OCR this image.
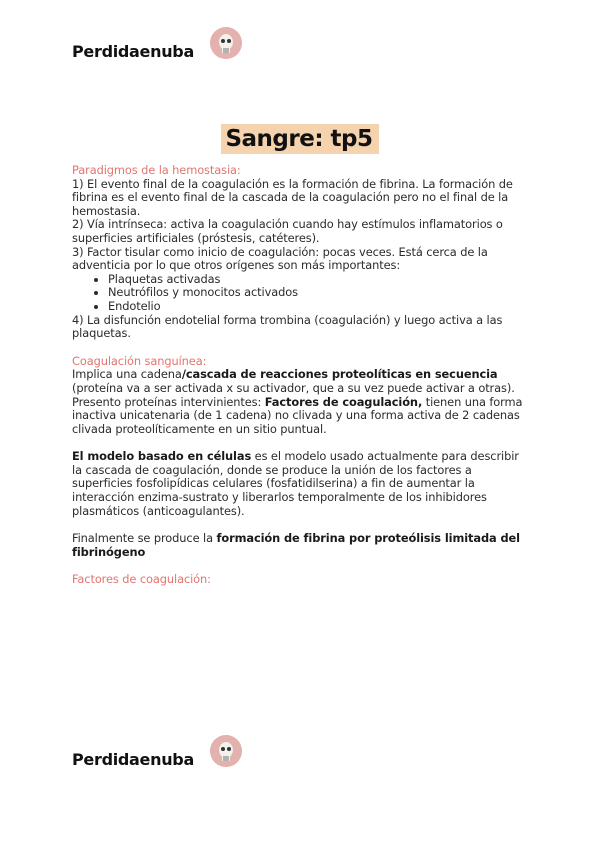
Perdidaenuba
Sangre: tp5

Paradigmos de la hemostasia:

1) El evento final de la coagulación es la formación de fibrina. La formación de fibrina es el evento final de la cascada de la coagulación pero no el final de la hemostasia.

2) Vía intrínseca: activa la coagulación cuando hay estímulos inflamatorios o superficies artificiales (próstesis, catéteres).

3) Factor tisular como inicio de coagulación: pocas veces. Está cerca de la adventicia por lo que otros orígenes son más importantes:

• Plaquetas activadas
• Neutrófilos y monocitos activados
• Endotelio

4) La disfunción endotelial forma trombina (coagulación) y luego activa a las plaquetas.

Coagulación sanguínea:

Implica una cadena/cascada de reacciones proteolíticas en secuencia (proteína va a ser activada x su activador, que a su vez puede activar a otras). Presento proteínas intervinientes: Factores de coagulación, tienen una forma inactiva unicatenaria (de 1 cadena) no clivada y una forma activa de 2 cadenas clivada proteolíticamente en un sitio puntual.

El modelo basado en células es el modelo usado actualmente para describir la cascada de coagulación, donde se produce la unión de los factores a superficies fosfolipídicas celulares (fosfatidilserina) a fin de aumentar la interacción enzima-sustrato y liberarlos temporalmente de los inhibidores plasmáticos (anticoagulantes).

Finalmente se produce la formación de fibrina por proteólisis limitada del fibrinógeno

Factores de coagulación:

Perdidaenuba
